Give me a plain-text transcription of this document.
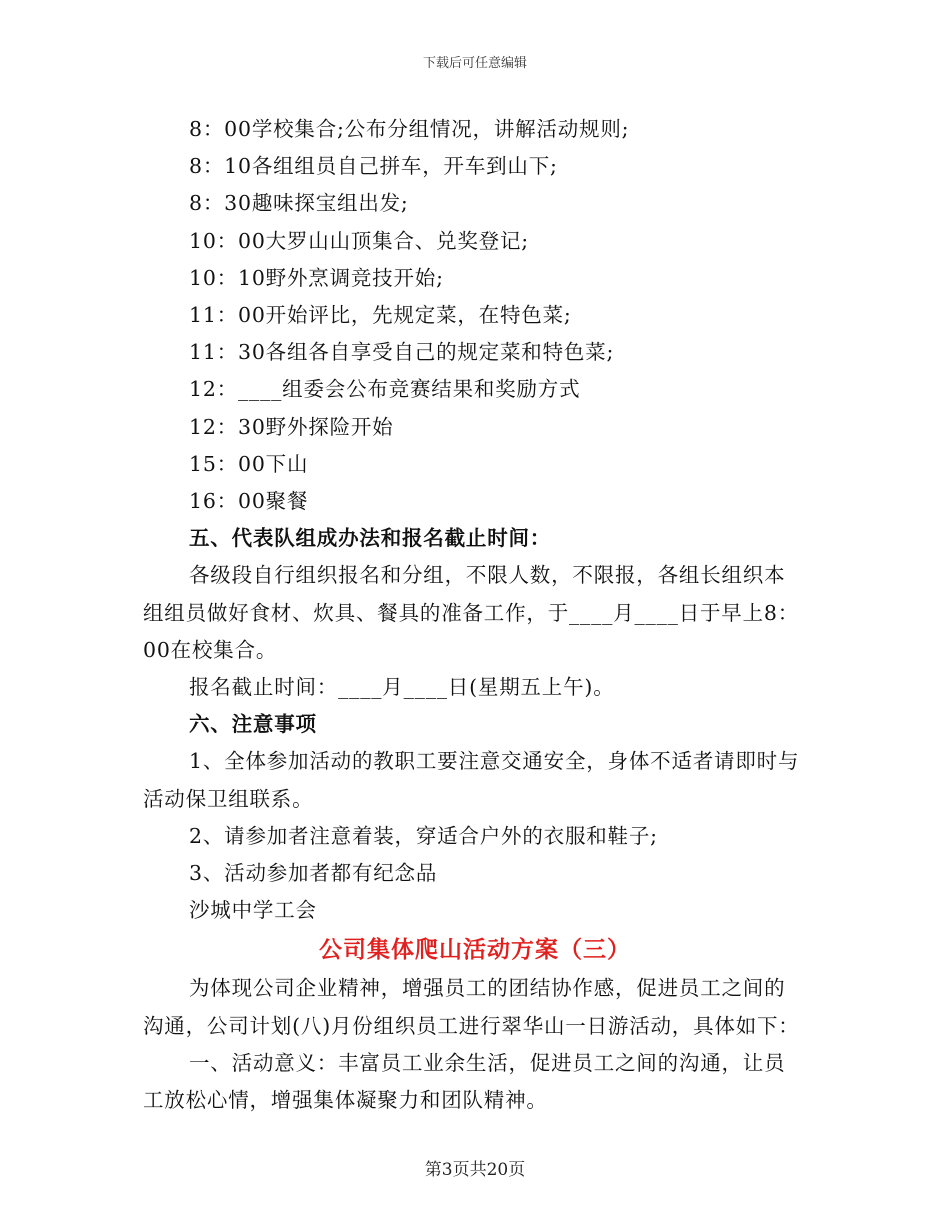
下载后可任意编辑
8：00学校集合;公布分组情况，讲解活动规则;
8：10各组组员自己拼车，开车到山下;
8：30趣味探宝组出发;
10：00大罗山山顶集合、兑奖登记;
10：10野外烹调竞技开始;
11：00开始评比，先规定菜，在特色菜;
11：30各组各自享受自己的规定菜和特色菜;
12：____组委会公布竞赛结果和奖励方式
12：30野外探险开始
15：00下山
16：00聚餐
五、代表队组成办法和报名截止时间：
各级段自行组织报名和分组，不限人数，不限报，各组长组织本
组组员做好食材、炊具、餐具的准备工作，于____月____日于早上8：
00在校集合。
报名截止时间：____月____日(星期五上午)。
六、注意事项
1、全体参加活动的教职工要注意交通安全，身体不适者请即时与
活动保卫组联系。
2、请参加者注意着装，穿适合户外的衣服和鞋子;
3、活动参加者都有纪念品
沙城中学工会
公司集体爬山活动方案（三）
为体现公司企业精神，增强员工的团结协作感，促进员工之间的
沟通，公司计划(八)月份组织员工进行翠华山一日游活动，具体如下：
一、活动意义：丰富员工业余生活，促进员工之间的沟通，让员
工放松心情，增强集体凝聚力和团队精神。
第3页共20页
